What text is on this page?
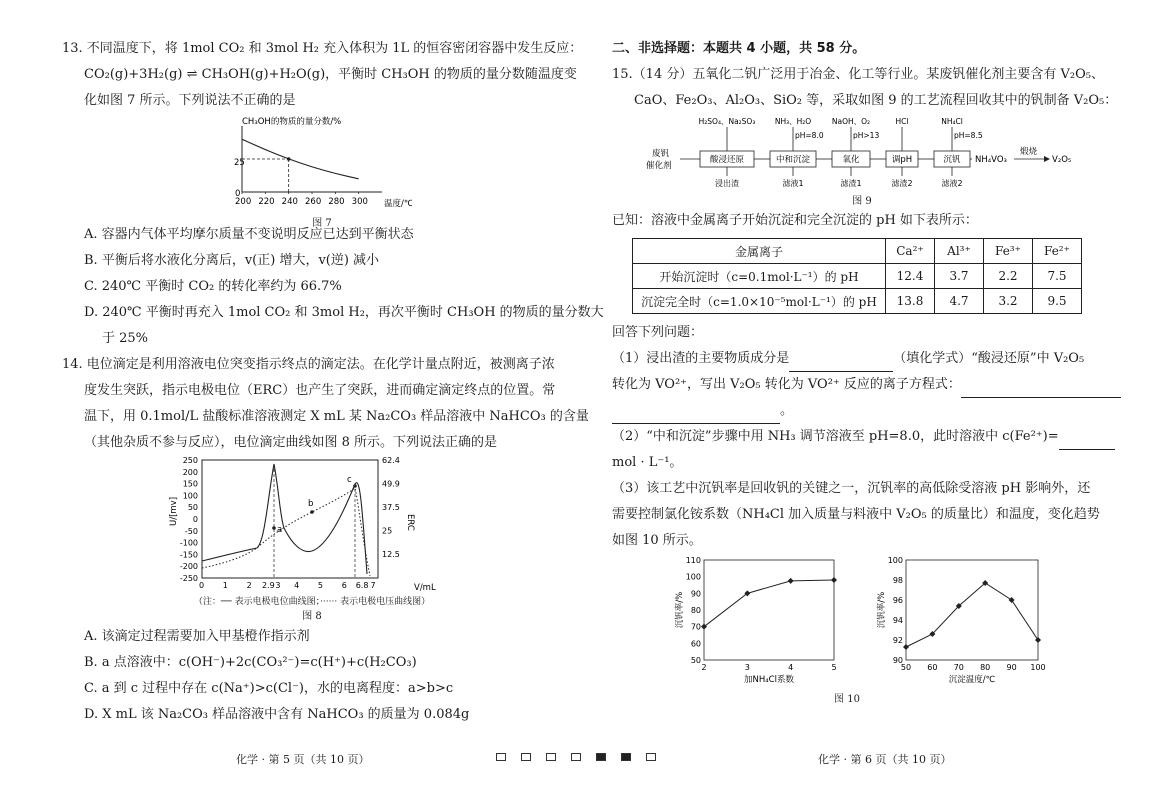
13. 不同温度下，将 1mol CO₂ 和 3mol H₂ 充入体积为 1L 的恒容密闭容器中发生反应：

CO₂(g)+3H₂(g) ⇌ CH₃OH(g)+H₂O(g)，平衡时 CH₃OH 的物质的量分数随温度变

化如图 7 所示。下列说法不正确的是

CH₃OH的物质的量分数/%
25
0
200 220 240 260 280 300 温度/℃
图 7

A. 容器内气体平均摩尔质量不变说明反应已达到平衡状态

B. 平衡后将水液化分离后，v(正) 增大，v(逆) 减小

C. 240℃ 平衡时 CO₂ 的转化率约为 66.7%

D. 240℃ 平衡时再充入 1mol CO₂ 和 3mol H₂，再次平衡时 CH₃OH 的物质的量分数大

于 25%

14. 电位滴定是利用溶液电位突变指示终点的滴定法。在化学计量点附近，被测离子浓

度发生突跃，指示电极电位（ERC）也产生了突跃，进而确定滴定终点的位置。常

温下，用 0.1mol/L 盐酸标准溶液测定 X mL 某 Na₂CO₃ 样品溶液中 NaHCO₃ 的含量

（其他杂质不参与反应），电位滴定曲线如图 8 所示。下列说法正确的是

250
200
150
100
50
0
-50
-100
-150
-200
-250
62.4
49.9
37.5
25
12.5
0 1 2 2.9 3 4 5 6 6.8 7
U/[mv]	ERC
V/mL
a
b
c
（注：── 表示电极电位曲线图；······ 表示电极电压曲线图）
图 8

A. 该滴定过程需要加入甲基橙作指示剂

B. a 点溶液中：c(OH⁻)+2c(CO₃²⁻)=c(H⁺)+c(H₂CO₃)

C. a 到 c 过程中存在 c(Na⁺)>c(Cl⁻)，水的电离程度：a>b>c

D. X mL 该 Na₂CO₃ 样品溶液中含有 NaHCO₃ 的质量为 0.084g

二、非选择题：本题共 4 小题，共 58 分。

15.（14 分）五氧化二钒广泛用于冶金、化工等行业。某废钒催化剂主要含有 V₂O₅、

CaO、Fe₂O₃、Al₂O₃、SiO₂ 等，采取如图 9 的工艺流程回收其中的钒制备 V₂O₅：

废钒
催化剂
酸浸还原
H₂SO₄、Na₂SO₃
浸出渣
中和沉淀
NH₃、H₂O
pH=8.0
滤液1
氧化
NaOH、O₂
pH>13
滤渣1
调pH
HCl
滤渣2
沉钒
NH₄Cl
pH=8.5
滤液2
NH₄VO₃
煅烧
V₂O₅
图 9

已知：溶液中金属离子开始沉淀和完全沉淀的 pH 如下表所示：

金属离子	Ca²⁺	Al³⁺	Fe³⁺	Fe²⁺
开始沉淀时（c=0.1mol·L⁻¹）的 pH	12.4	3.7	2.2	7.5
沉淀完全时（c=1.0×10⁻⁵mol·L⁻¹）的 pH	13.8	4.7	3.2	9.5

回答下列问题：

（1）浸出渣的主要物质成分是	（填化学式）“酸浸还原”中 V₂O₅

转化为 VO²⁺，写出 V₂O₅ 转化为 VO²⁺ 反应的离子方程式：

。

（2）“中和沉淀”步骤中用 NH₃ 调节溶液至 pH=8.0，此时溶液中 c(Fe²⁺)=

mol · L⁻¹。

（3）该工艺中沉钒率是回收钒的关键之一，沉钒率的高低除受溶液 pH 影响外，还

需要控制氯化铵系数（NH₄Cl 加入质量与料液中 V₂O₅ 的质量比）和温度，变化趋势

如图 10 所示。

50
60
70
80
90
100
110
2	3	4	5
加NH₄Cl系数
沉钒率/%
90
92
94
96
98
100
50 60 70 80 90 100
沉淀温度/℃
沉钒率/%
图 10
化学 · 第 5 页（共 10 页）	化学 · 第 6 页（共 10 页）
